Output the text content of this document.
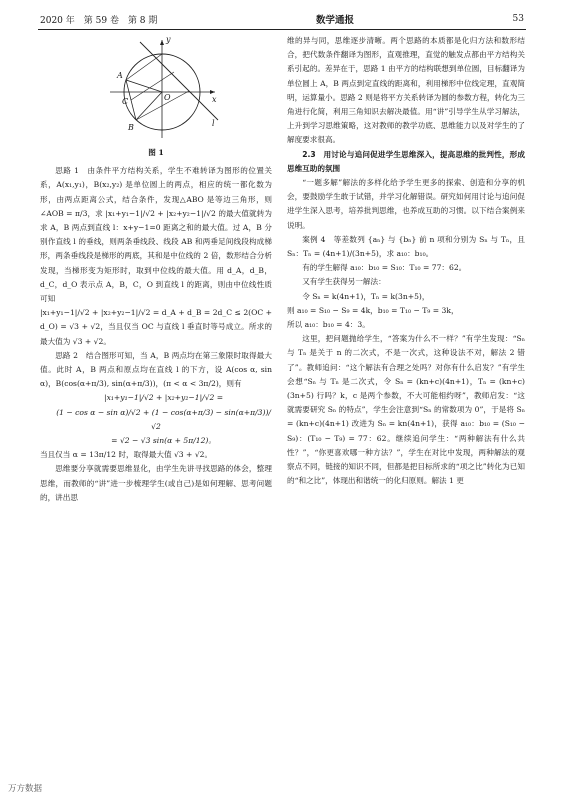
2020 年　第 59 卷　第 8 期	数学通报	53
y
A
O
C	x
l
B
图 1

思路 1　由条件平方结构关系，学生不难转译为图形的位置关系，A(x₁,y₁)，B(x₂,y₂) 是单位圆上的两点，相应的统一都化数为形，由两点距离公式，结合条件，发现△ABO 是等边三角形，则 ∠AOB = π/3，求 |x₁+y₁−1|/√2 + |x₂+y₂−1|/√2 的最大值就转为求 A，B 两点到直线 l：x+y−1=0 距离之和的最大值。过 A，B 分别作直线 l 的垂线，则两条垂线段、线段 AB 和两垂足间线段构成梯形，两条垂线段是梯形的两底，其和是中位线的 2 倍，数形结合分析发现，当梯形变为矩形时，取到中位线的最大值。用 d_A，d_B，d_C，d_O 表示点 A，B，C，O 到直线 l 的距离，则由中位线性质可知

|x₁+y₁−1|/√2 + |x₂+y₂−1|/√2 = d_A + d_B = 2d_C ≤ 2(OC + d_O) = √3 + √2，当且仅当 OC 与直线 l 垂直时等号成立。所求的最大值为 √3 + √2。

思路 2　结合图形可知，当 A，B 两点均在第三象限时取得最大值。此时 A，B 两点和原点均在直线 l 的下方，设 A(cos α, sin α)，B(cos(α+π/3), sin(α+π/3))，(π < α < 3π/2)，则有

|x₁+y₁−1|/√2 + |x₂+y₂−1|/√2 =

(1 − cos α − sin α)/√2 + (1 − cos(α+π/3) − sin(α+π/3))/√2

= √2 − √3 sin(α + 5π/12)。

当且仅当 α = 13π/12 时，取得最大值 √3 + √2。

思维要分享就需要思维显化，由学生先讲寻找思路的体会，整理思维，而教师的“讲”进一步梳理学生(或自己)是如何理解、思考问题的，讲出思

维的异与同，思维逐步清晰。两个思路的本质都是化归方法和数形结合，把代数条件翻译为图形，直观推理，直觉的触发点都由平方结构关系引起的。差异在于，思路 1 由平方的结构联想到单位圆，目标翻译为单位圆上 A，B 两点到定直线的距离和，利用梯形中位线定理，直观简明，运算量小。思路 2 则是将平方关系转译为圆的参数方程，转化为三角进行化简，利用三角知识去解决最值。用“讲”引导学生从学习解法，上升到学习思维策略，这对教师的教学功底、思维能力以及对学生的了解度要求很高。

2.3　用讨论与追问促进学生思维深入，提高思维的批判性，形成思维互助的氛围

“一题多解”解法的多样化给予学生更多的探索、创造和分享的机会，要鼓励学生敢于试错，并学习化解错误。研究如何用讨论与追问促进学生深入思考，培养批判思维，也养成互助的习惯。以下结合案例来说明。

案例 4　等差数列 {aₙ} 与 {bₙ} 前 n 项和分别为 Sₙ 与 Tₙ，且 Sₙ：Tₙ = (4n+1)/(3n+5)，求 a₁₀：b₁₀。

有的学生解得 a₁₀：b₁₀ = S₁₀：T₁₀ = 77：62。

又有学生获得另一解法：

令 Sₙ = k(4n+1)，Tₙ = k(3n+5)，

则 a₁₀ = S₁₀ − S₉ = 4k，b₁₀ = T₁₀ − T₉ = 3k，

所以 a₁₀：b₁₀ = 4：3。

这里，把问题抛给学生，“答案为什么不一样？”有学生发现：“Sₙ 与 Tₙ 是关于 n 的二次式，不是一次式，这种设法不对，解法 2 错了”。教师追问：“这个解法有合理之处吗？对你有什么启发？”有学生会想“Sₙ 与 Tₙ 是二次式，令 Sₙ = (kn+c)(4n+1)，Tₙ = (kn+c)(3n+5) 行吗？k，c 是两个参数，不大可能相约呀”，教师启发：“这就需要研究 Sₙ 的特点”，学生会注意到“Sₙ 的常数项为 0”，于是将 Sₙ = (kn+c)(4n+1) 改进为 Sₙ = kn(4n+1)，获得 a₁₀：b₁₀ = (S₁₀ − S₉)：(T₁₀ − T₉) = 77：62。继续追问学生：“两种解法有什么共性？”，“你更喜欢哪一种方法？”，学生在对比中发现，两种解法的观察点不同，链接的知识不同，但都是把目标所求的“项之比”转化为已知的“和之比”，体现出和谐统一的化归原则。解法 1 更

万方数据
